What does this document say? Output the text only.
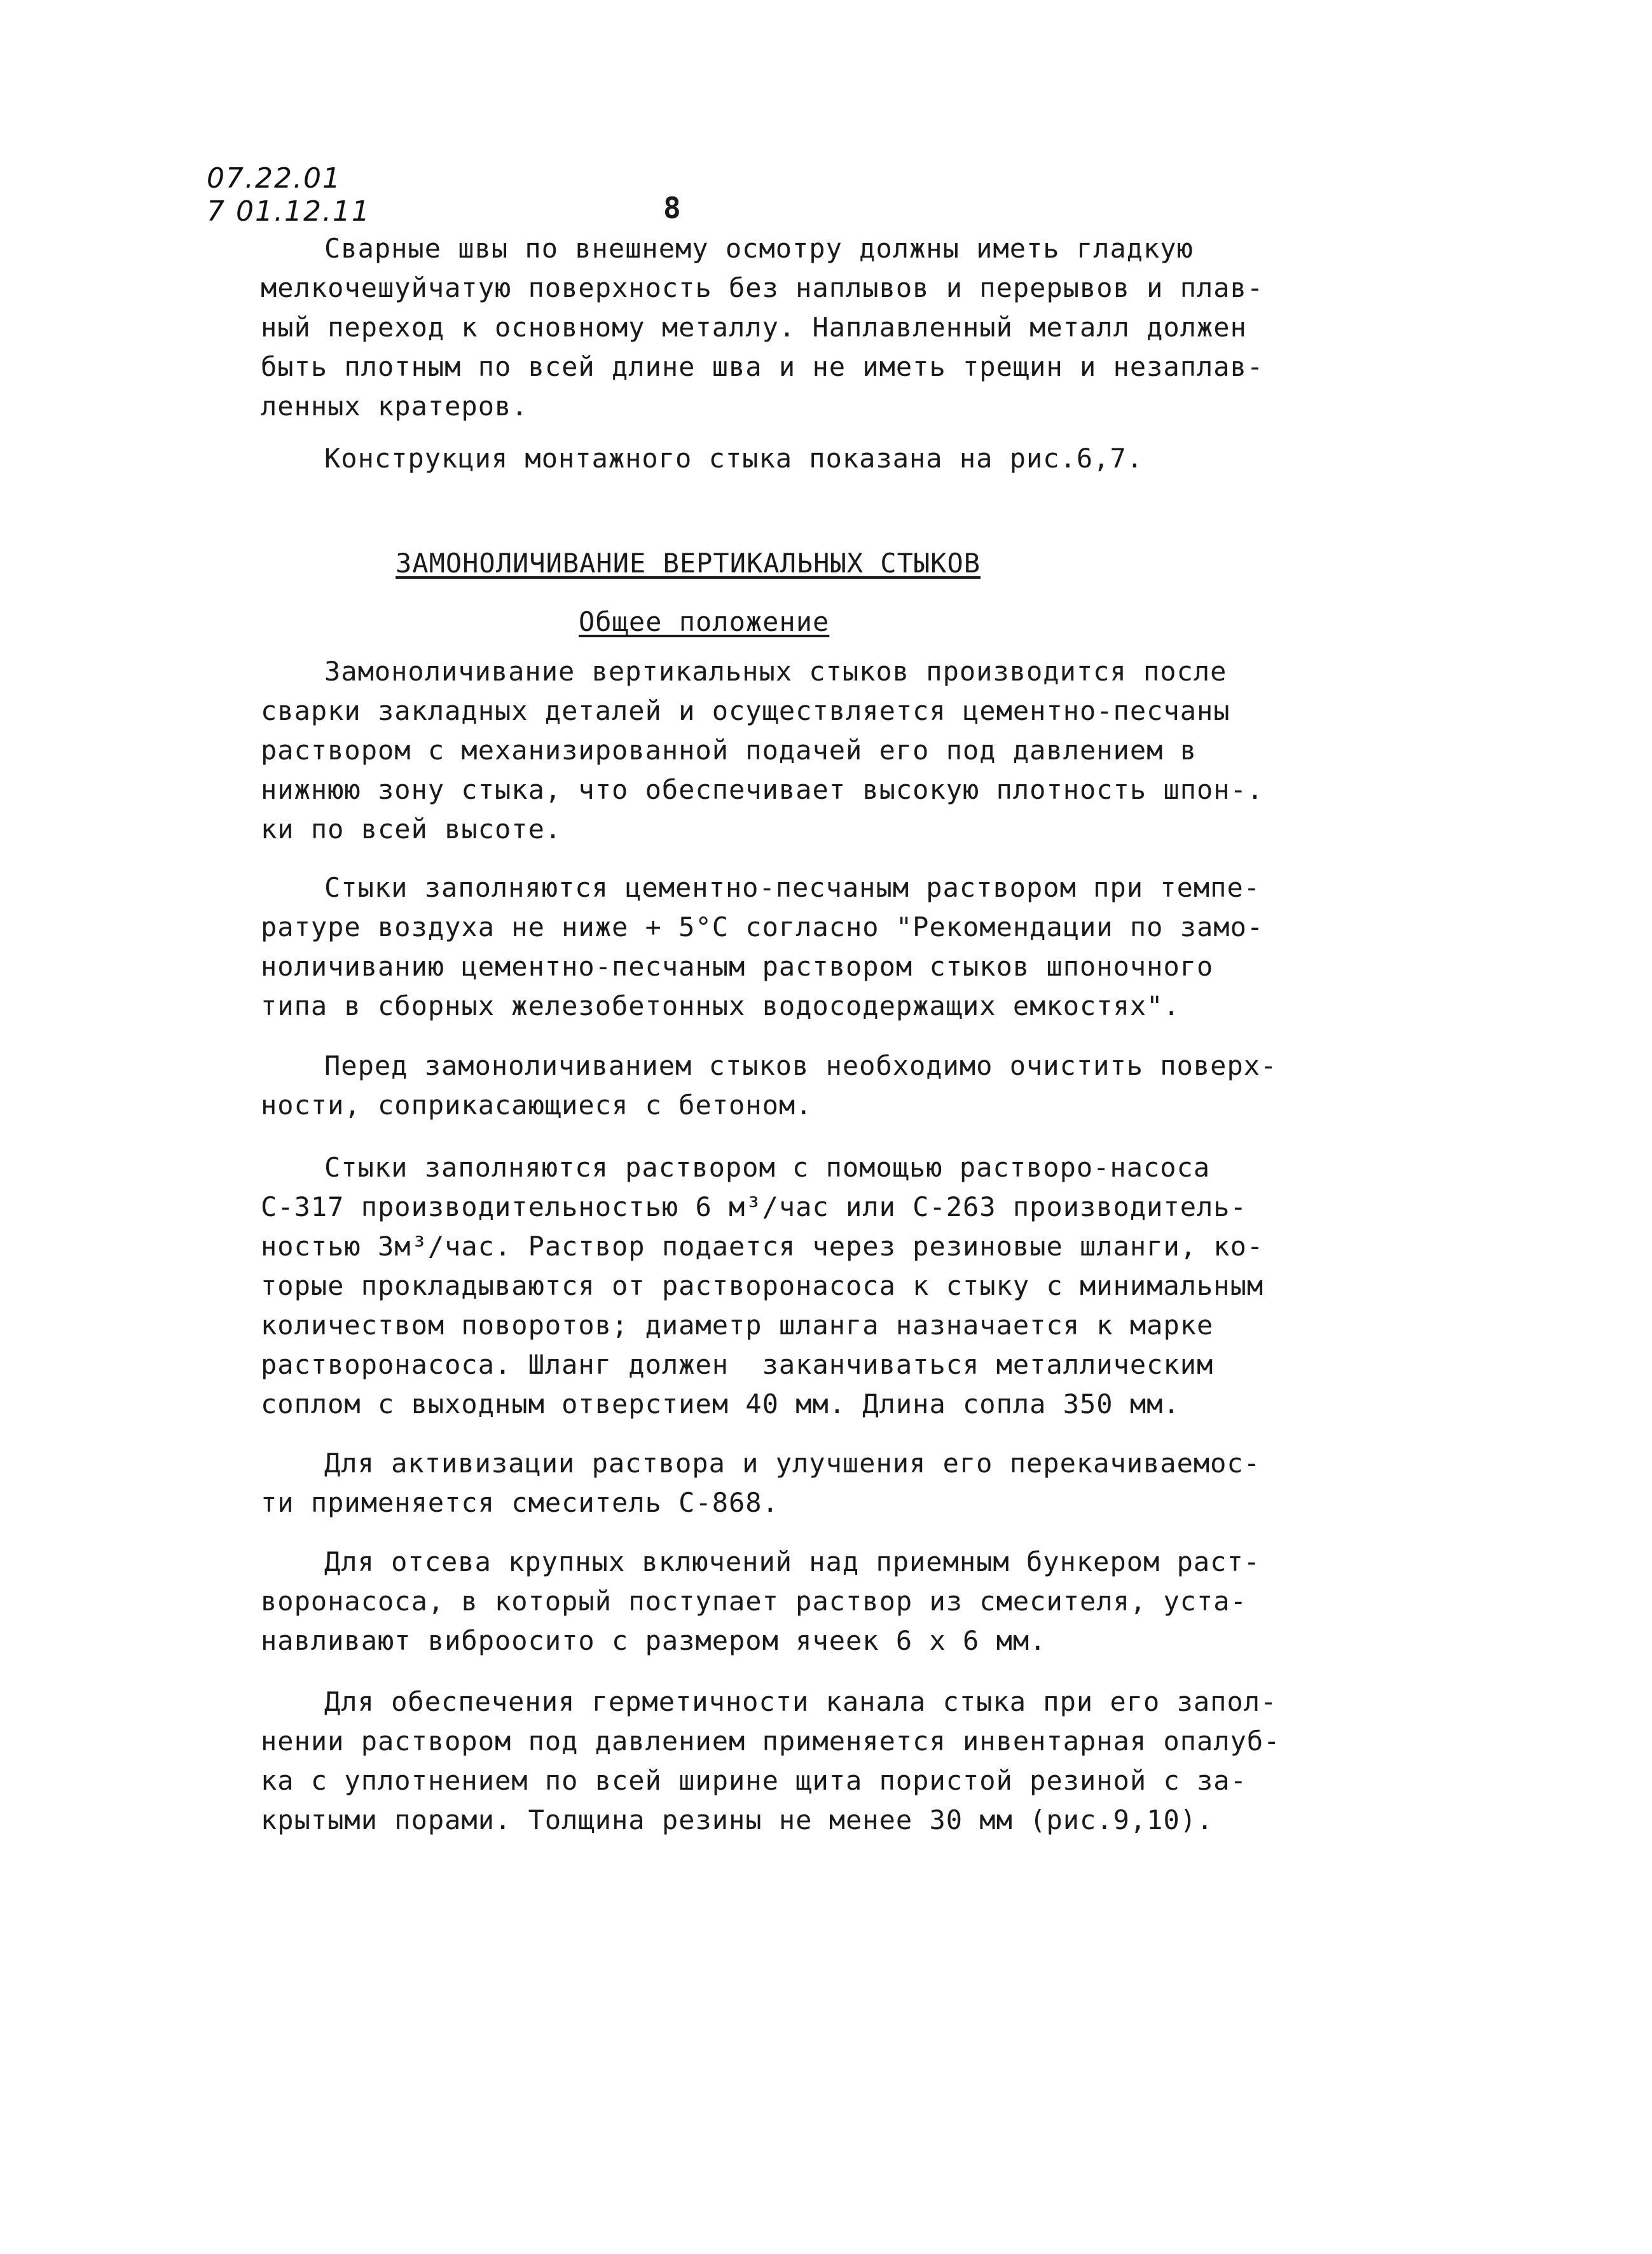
07.22.01
7 01.12.11	8

Сварные швы по внешнему осмотру должны иметь гладкую
мелкочешуйчатую поверхность без наплывов и перерывов и плав-
ный переход к основному металлу. Наплавленный металл должен
быть плотным по всей длине шва и не иметь трещин и незаплав-
ленных кратеров.

Конструкция монтажного стыка показана на рис.6,7.

ЗАМОНОЛИЧИВАНИЕ ВЕРТИКАЛЬНЫХ СТЫКОВ
Общее положение

Замоноличивание вертикальных стыков производится после
сварки закладных деталей и осуществляется цементно-песчаны
раствором с механизированной подачей его под давлением в
нижнюю зону стыка, что обеспечивает высокую плотность шпон-.
ки по всей высоте.

Стыки заполняются цементно-песчаным раствором при темпе-
ратуре воздуха не ниже + 5°C согласно "Рекомендации по замо-
ноличиванию цементно-песчаным раствором стыков шпоночного
типа в сборных железобетонных водосодержащих емкостях".

Перед замоноличиванием стыков необходимо очистить поверх-
ности, соприкасающиеся с бетоном.

Стыки заполняются раствором с помощью растворо-насоса
С-317 производительностью 6 м³/час или С-263 производитель-
ностью 3м³/час. Раствор подается через резиновые шланги, ко-
торые прокладываются от растворонасоса к стыку с минимальным
количеством поворотов; диаметр шланга назначается к марке
растворонасоса. Шланг должен  заканчиваться металлическим
соплом с выходным отверстием 40 мм. Длина сопла 350 мм.

Для активизации раствора и улучшения его перекачиваемос-
ти применяется смеситель С-868.

Для отсева крупных включений над приемным бункером раст-
воронасоса, в который поступает раствор из смесителя, уста-
навливают виброосито с размером ячеек 6 х 6 мм.

Для обеспечения герметичности канала стыка при его запол-
нении раствором под давлением применяется инвентарная опалуб-
ка с уплотнением по всей ширине щита пористой резиной с за-
крытыми порами. Толщина резины не менее 30 мм (рис.9,10).
